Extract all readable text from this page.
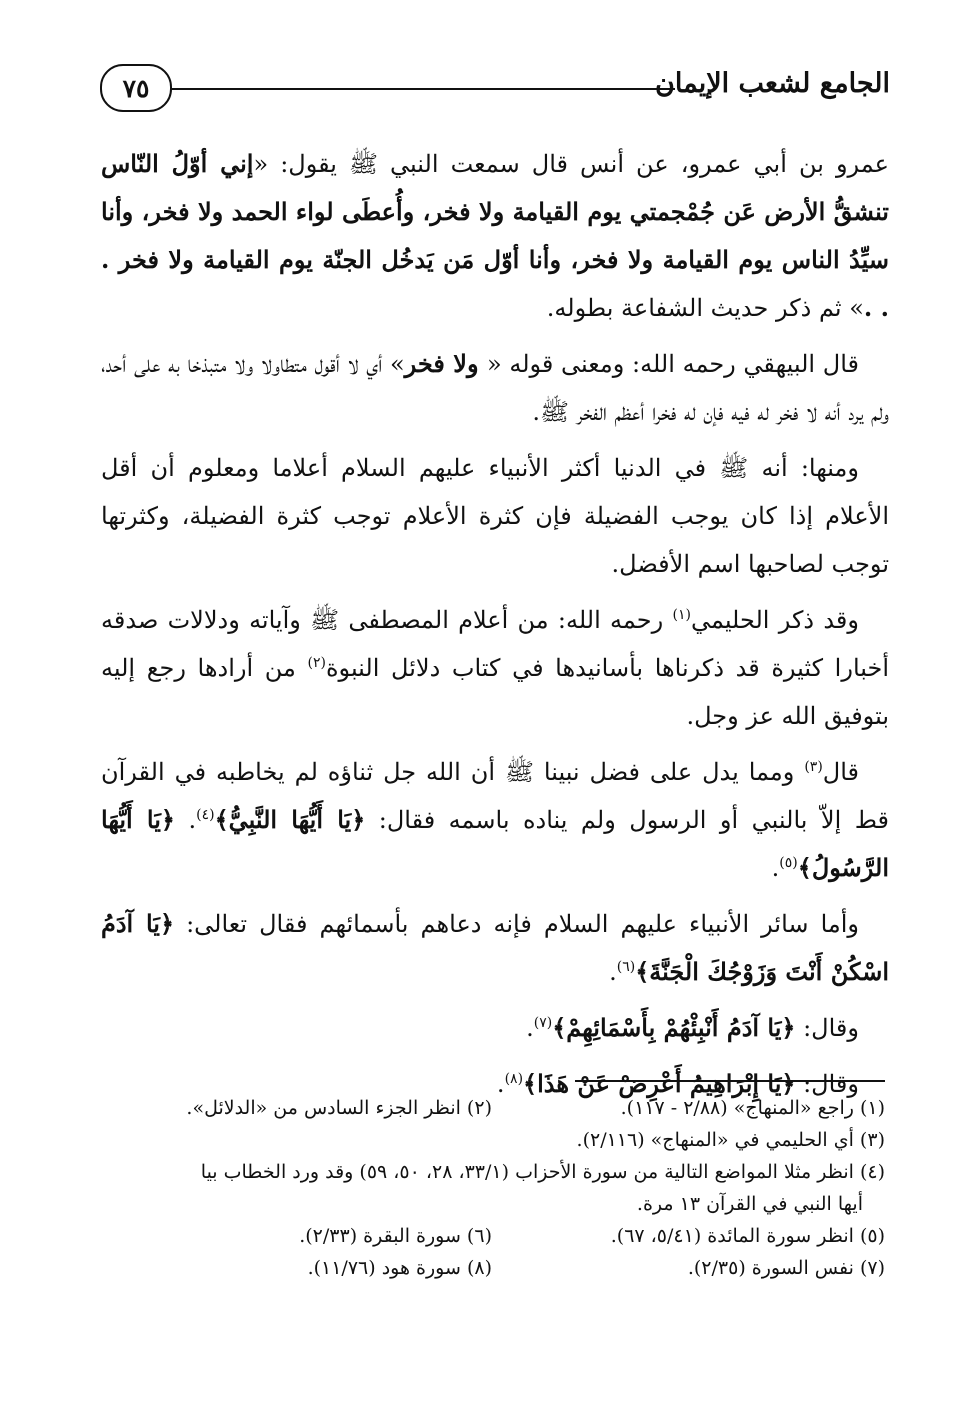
الجامع لشعب الإيمان
٧٥

عمرو بن أبي عمرو، عن أنس قال سمعت النبي ﷺ يقول: «إني أوّلُ النّاس تنشقُّ الأرض عَن جُمْجمتي يوم القيامة ولا فخر، وأُعطَى لواء الحمد ولا فخر، وأنا سيِّدُ الناس يوم القيامة ولا فخر، وأنا أوّل مَن يَدخُل الجنّة يوم القيامة ولا فخر . . .» ثم ذكر حديث الشفاعة بطوله.

قال البيهقي رحمه الله: ومعنى قوله « ولا فخر» أي لا أقول متطاولا ولا متبذخا به على أحد، ولم يرد أنه لا فخر له فيه فإن له فخرا أعظم الفخر ﷺ.

ومنها: أنه ﷺ في الدنيا أكثر الأنبياء عليهم السلام أعلاما ومعلوم أن أقل الأعلام إذا كان يوجب الفضيلة فإن كثرة الأعلام توجب كثرة الفضيلة، وكثرتها توجب لصاحبها اسم الأفضل.

وقد ذكر الحليمي$^{(١)}$ رحمه الله: من أعلام المصطفى ﷺ وآياته ودلالات صدقه أخبارا كثيرة قد ذكرناها بأسانيدها في كتاب دلائل النبوة$^{(٢)}$ من أرادها رجع إليه بتوفيق الله عز وجل.

قال$^{(٣)}$ ومما يدل على فضل نبينا ﷺ أن الله جل ثناؤه لم يخاطبه في القرآن قط إلاّ بالنبي أو الرسول ولم يناده باسمه فقال: ﴿يَا أَيُّهَا النَّبِيُّ﴾$^{(٤)}$. ﴿يَا أَيُّهَا الرَّسُولُ﴾$^{(٥)}$.

وأما سائر الأنبياء عليهم السلام فإنه دعاهم بأسمائهم فقال تعالى: ﴿يَا آدَمُ اسْكُنْ أَنْتَ وَزَوْجُكَ الْجَنَّةَ﴾$^{(٦)}$.

وقال: ﴿يَا آدَمُ أَنْبِئْهُمْ بِأَسْمَائِهِمْ﴾$^{(٧)}$.

وقال: ﴿يَا إِبْرَاهِيمُ أَعْرِضْ عَنْ هَذَا﴾$^{(٨)}$.

(١) راجع «المنهاج» (٢/٨٨ - ١١٧).
(٢) انظر الجزء السادس من «الدلائل».
(٣) أي الحليمي في «المنهاج» (٢/١١٦).
(٤) انظر مثلا المواضع التالية من سورة الأحزاب (٣٣/١، ٢٨، ٥٠، ٥٩) وقد ورد الخطاب بيا
أيها النبي في القرآن ١٣ مرة.
(٥) انظر سورة المائدة (٥/٤١، ٦٧).
(٦) سورة البقرة (٢/٣٣).
(٧) نفس السورة (٢/٣٥).
(٨) سورة هود (١١/٧٦).
